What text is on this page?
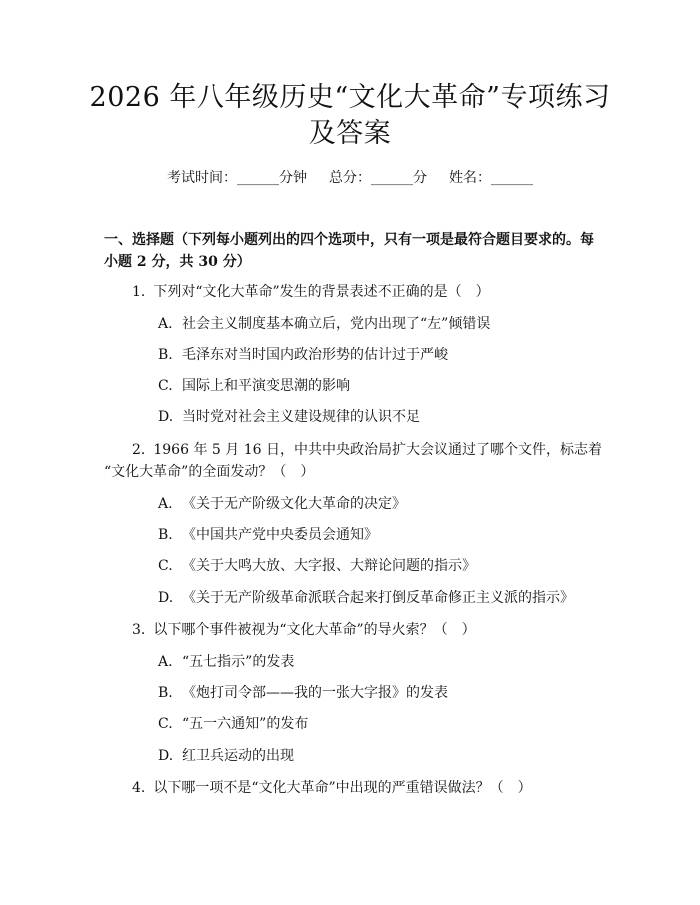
2026 年八年级历史“文化大革命”专项练习
及答案
考试时间：______分钟 总分：______分 姓名：______
一、选择题（下列每小题列出的四个选项中，只有一项是最符合题目要求的。每
小题 2 分，共 30 分）
1. 下列对“文化大革命”发生的背景表述不正确的是（　）
A. 社会主义制度基本确立后，党内出现了“左”倾错误
B. 毛泽东对当时国内政治形势的估计过于严峻
C. 国际上和平演变思潮的影响
D. 当时党对社会主义建设规律的认识不足
2. 1966 年 5 月 16 日，中共中央政治局扩大会议通过了哪个文件，标志着
“文化大革命”的全面发动？（　）
A. 《关于无产阶级文化大革命的决定》
B. 《中国共产党中央委员会通知》
C. 《关于大鸣大放、大字报、大辩论问题的指示》
D. 《关于无产阶级革命派联合起来打倒反革命修正主义派的指示》
3. 以下哪个事件被视为“文化大革命”的导火索？（　）
A. “五七指示”的发表
B. 《炮打司令部——我的一张大字报》的发表
C. “五一六通知”的发布
D. 红卫兵运动的出现
4. 以下哪一项不是“文化大革命”中出现的严重错误做法？（　）
